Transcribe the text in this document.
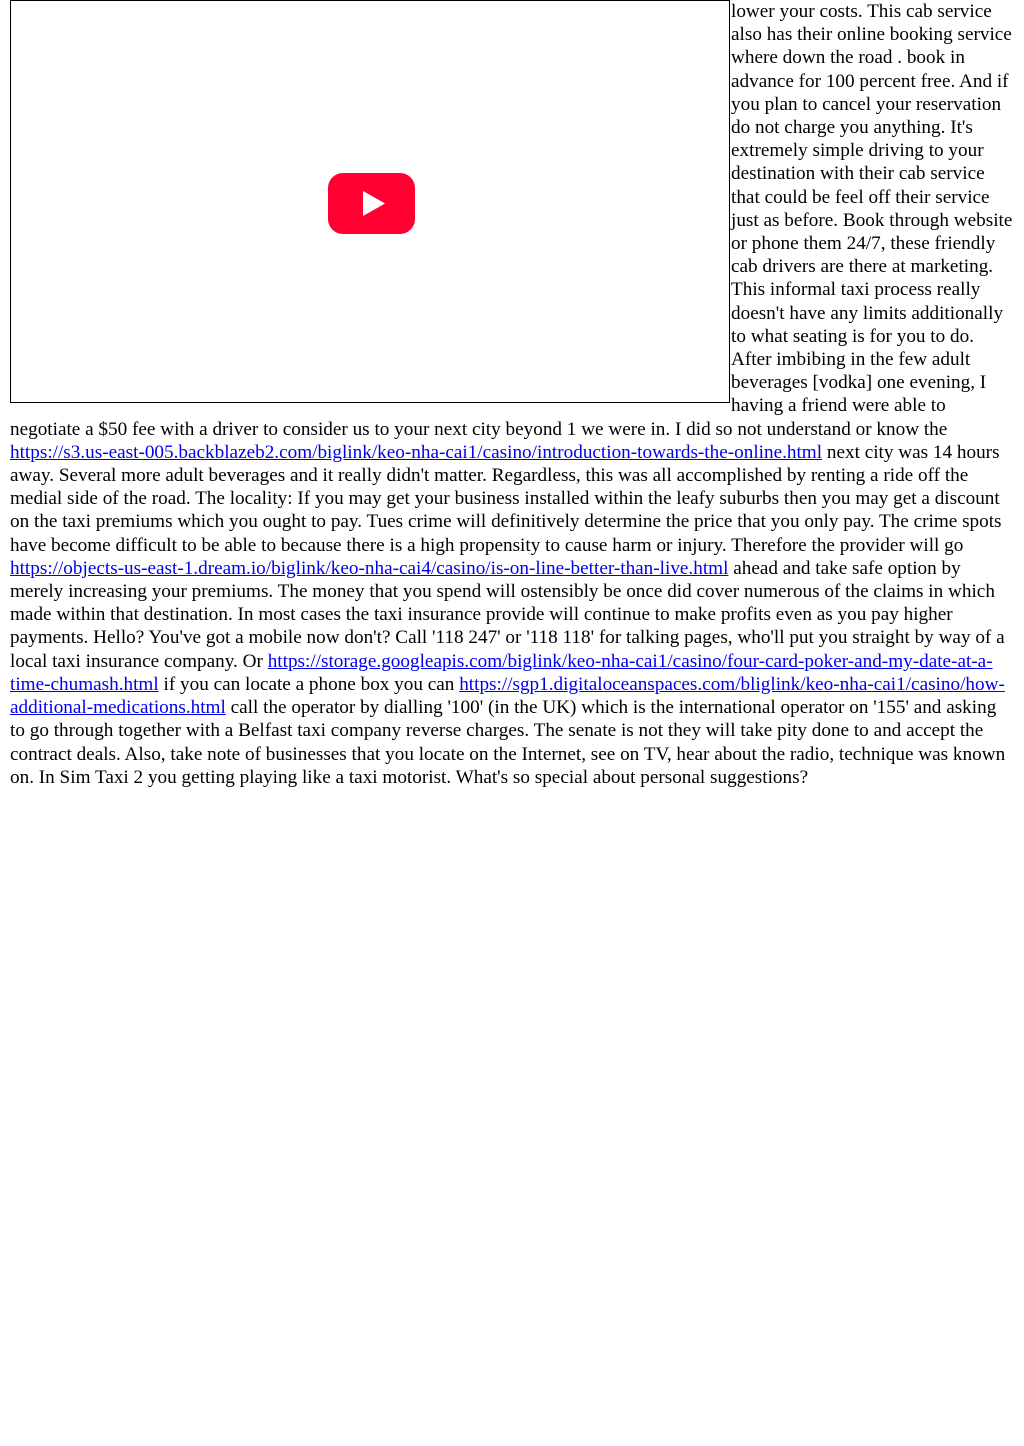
lower your costs. This cab service also has their online booking service where down the road . book in advance for 100 percent free. And if you plan to cancel your reservation do not charge you anything. It's extremely simple driving to your destination with their cab service that could be feel off their service just as before. Book through website or phone them 24/7, these friendly cab drivers are there at marketing. This informal taxi process really doesn't have any limits additionally to what seating is for you to do. After imbibing in the few adult beverages [vodka] one evening, I having a friend were able to negotiate a $50 fee with a driver to consider us to your next city beyond 1 we were in. I did so not understand or know the https://s3.us-east-005.backblazeb2.com/biglink/keo-nha-cai1/casino/introduction-towards-the-online.html next city was 14 hours away. Several more adult beverages and it really didn't matter. Regardless, this was all accomplished by renting a ride off the medial side of the road. The locality: If you may get your business installed within the leafy suburbs then you may get a discount on the taxi premiums which you ought to pay. Tues crime will definitively determine the price that you only pay. The crime spots have become difficult to be able to because there is a high propensity to cause harm or injury. Therefore the provider will go https://objects-us-east-1.dream.io/biglink/keo-nha-cai4/casino/is-on-line-better-than-live.html ahead and take safe option by merely increasing your premiums. The money that you spend will ostensibly be once did cover numerous of the claims in which made within that destination. In most cases the taxi insurance provide will continue to make profits even as you pay higher payments. Hello? You've got a mobile now don't? Call '118 247' or '118 118' for talking pages, who'll put you straight by way of a local taxi insurance company. Or https://storage.googleapis.com/biglink/keo-nha-cai1/casino/four-card-poker-and-my-date-at-a-time-chumash.html if you can locate a phone box you can https://sgp1.digitaloceanspaces.com/bliglink/keo-nha-cai1/casino/how-additional-medications.html call the operator by dialling '100' (in the UK) which is the international operator on '155' and asking to go through together with a Belfast taxi company reverse charges. The senate is not they will take pity done to and accept the contract deals. Also, take note of businesses that you locate on the Internet, see on TV, hear about the radio, technique was known on. In Sim Taxi 2 you getting playing like a taxi motorist. What's so special about personal suggestions?
